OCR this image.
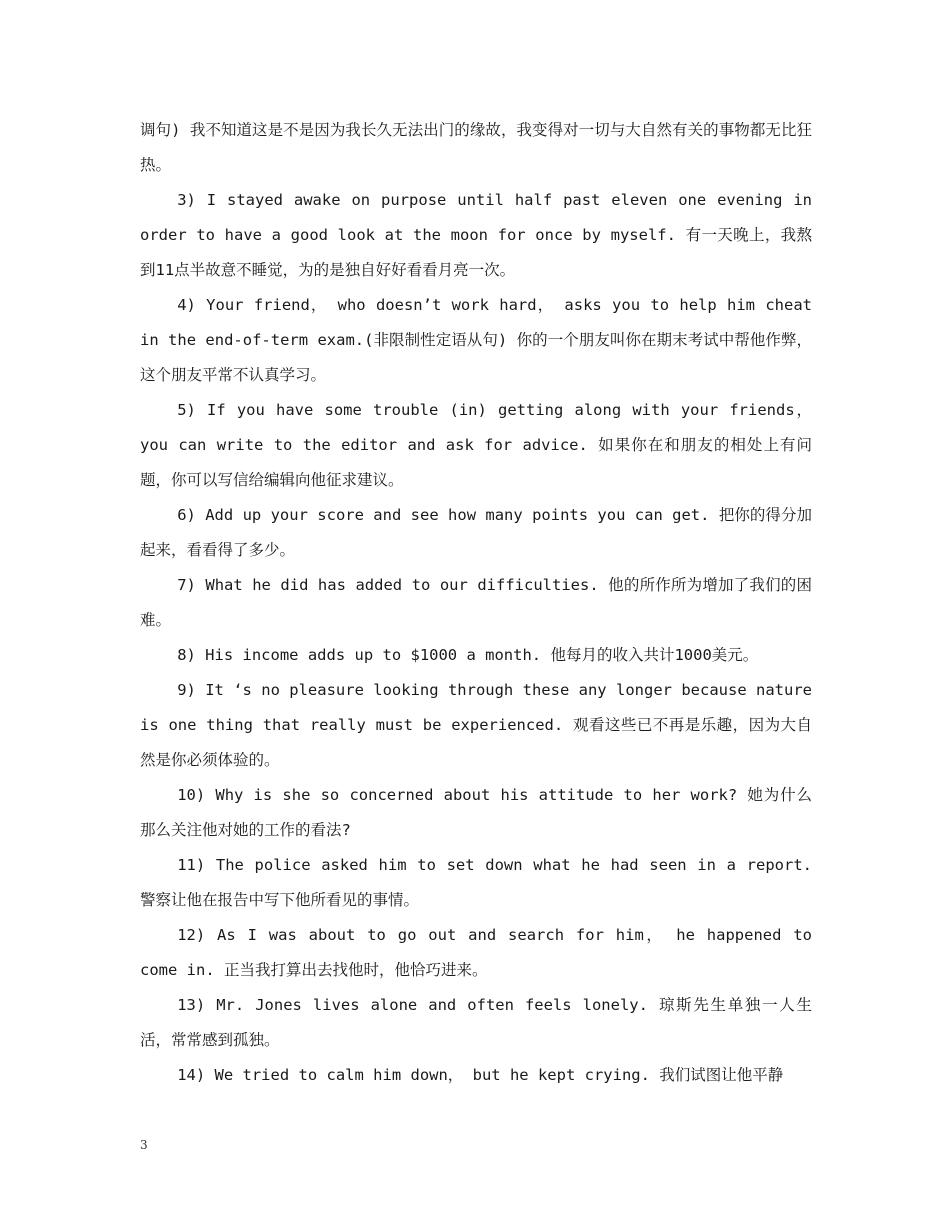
调句) 我不知道这是不是因为我长久无法出门的缘故，我变得对一切与大自然有关的事物都无比狂热。

3) I stayed awake on purpose until half past eleven one evening in order to have a good look at the moon for once by myself. 有一天晚上，我熬到11点半故意不睡觉，为的是独自好好看看月亮一次。

4) Your friend， who doesn’t work hard， asks you to help him cheat in the end-of-term exam.(非限制性定语从句) 你的一个朋友叫你在期末考试中帮他作弊，这个朋友平常不认真学习。

5) If you have some trouble (in) getting along with your friends，you can write to the editor and ask for advice. 如果你在和朋友的相处上有问题，你可以写信给编辑向他征求建议。

6) Add up your score and see how many points you can get. 把你的得分加起来，看看得了多少。

7) What he did has added to our difficulties. 他的所作所为增加了我们的困难。

8) His income adds up to $1000 a month. 他每月的收入共计1000美元。

9) It ‘s no pleasure looking through these any longer because nature is one thing that really must be experienced. 观看这些已不再是乐趣，因为大自然是你必须体验的。

10) Why is she so concerned about his attitude to her work? 她为什么那么关注他对她的工作的看法?

11) The police asked him to set down what he had seen in a report. 警察让他在报告中写下他所看见的事情。

12) As I was about to go out and search for him， he happened to come in. 正当我打算出去找他时，他恰巧进来。

13) Mr. Jones lives alone and often feels lonely. 琼斯先生单独一人生活，常常感到孤独。

14) We tried to calm him down， but he kept crying. 我们试图让他平静

3
